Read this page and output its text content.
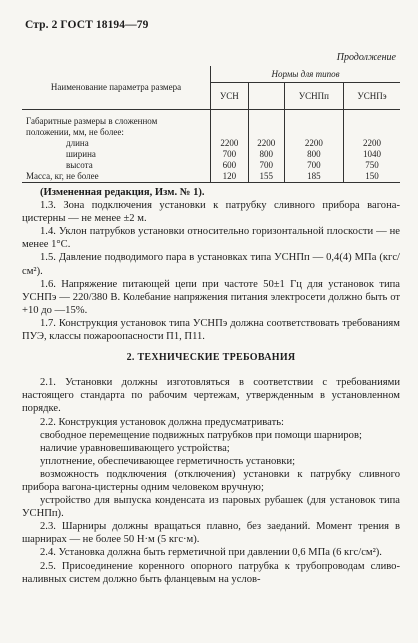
Стр. 2 ГОСТ 18194—79
Продолжение
Наименование параметра размера	Нормы для типов			
	УСН		УСНПп	УСНПэ
Габаритные размеры в сложенном				
положении, мм, не более:				
длина	2200	2200	2200	2200
ширина	700	800	800	1040
высота	600	700	700	750
Масса, кг, не более	120	155	185	150

(Измененная редакция, Изм. № 1).

1.3. Зона подключения установки к патрубку сливного прибора вагона-цистерны — не менее ±2 м.

1.4. Уклон патрубков установки относительно горизонтальной плоскости — не менее 1°С.

1.5. Давление подводимого пара в установках типа УСНПп — 0,4(4) МПа (кгс/см²).

1.6. Напряжение питающей цепи при частоте 50±1 Гц для установок типа УСНПэ — 220/380 В. Колебание напряжения питания электросети должно быть от +10 до —15%.

1.7. Конструкция установок типа УСНПэ должна соответствовать требованиям ПУЭ, классы пожароопасности П1, П11.

2. ТЕХНИЧЕСКИЕ ТРЕБОВАНИЯ

2.1. Установки должны изготовляться в соответствии с требованиями настоящего стандарта по рабочим чертежам, утвержденным в установленном порядке.

2.2. Конструкция установок должна предусматривать:

свободное перемещение подвижных патрубков при помощи шарниров;

наличие уравновешивающего устройства;

уплотнение, обеспечивающее герметичность установки;

возможность подключения (отключения) установки к патрубку сливного прибора вагона-цистерны одним человеком вручную;

устройство для выпуска конденсата из паровых рубашек (для установок типа УСНПп).

2.3. Шарниры должны вращаться плавно, без заеданий. Момент трения в шарнирах — не более 50 Н·м (5 кгс·м).

2.4. Установка должна быть герметичной при давлении 0,6 МПа (6 кгс/см²).

2.5. Присоединение коренного опорного патрубка к трубопроводам сливо-наливных систем должно быть фланцевым на услов-
